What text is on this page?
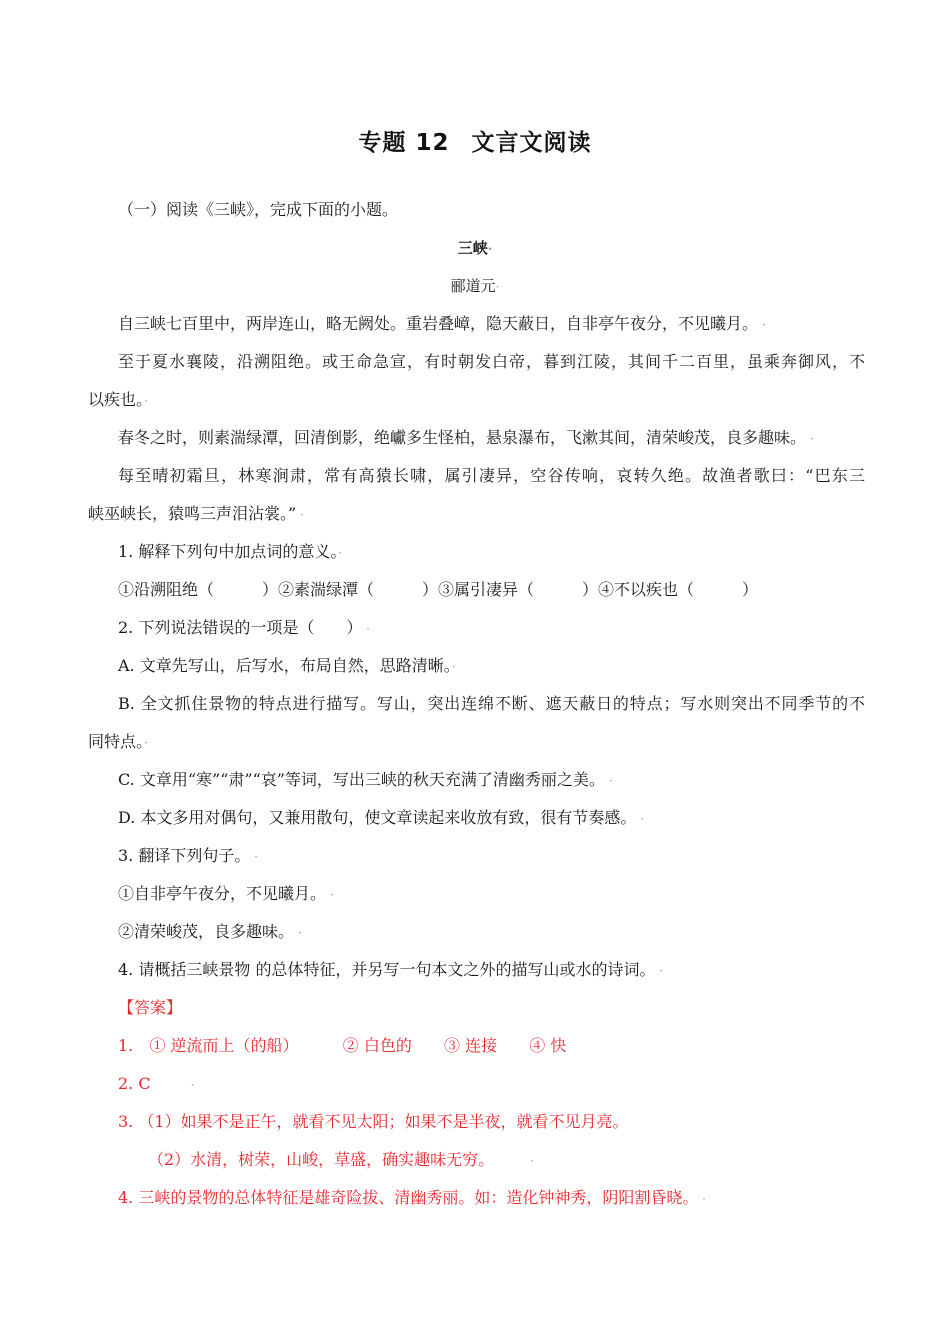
专题 12 文言文阅读
（一）阅读《三峡》，完成下面的小题。
三峡·
郦道元·
自三峡七百里中，两岸连山，略无阙处。重岩叠嶂，隐天蔽日，自非亭午夜分，不见曦月。 ·
至于夏水襄陵，沿溯阻绝。或王命急宣，有时朝发白帝，暮到江陵，其间千二百里，虽乘奔御风，不
以疾也。·
春冬之时，则素湍绿潭，回清倒影，绝巘多生怪柏，悬泉瀑布，飞漱其间，清荣峻茂，良多趣味。 ·
每至晴初霜旦，林寒涧肃，常有高猿长啸，属引凄异，空谷传响，哀转久绝。故渔者歌曰：“巴东三
峡巫峡长，猿鸣三声泪沾裳。” ·
1. 解释下列句中加点词的意义。·
①沿溯阻绝（　　　）②素湍绿潭（　　　）③属引凄异（　　　）④不以疾也（　　　）
2. 下列说法错误的一项是（　　） ·
A. 文章先写山，后写水，布局自然，思路清晰。·
B. 全文抓住景物的特点进行描写。写山，突出连绵不断、遮天蔽日的特点；写水则突出不同季节的不
同特点。·
C. 文章用“寒”“肃”“哀”等词，写出三峡的秋天充满了清幽秀丽之美。 ·
D. 本文多用对偶句，又兼用散句，使文章读起来收放有致，很有节奏感。 ·
3. 翻译下列句子。 ·
①自非亭午夜分，不见曦月。 ·
②清荣峻茂，良多趣味。 ·
4. 请概括三峡景物 的总体特征，并另写一句本文之外的描写山或水的诗词。 ·
【答案】
1. ① 逆流而上（的船）	② 白色的 ③ 连接 ④ 快
2. C	·
3. （1）如果不是正午，就看不见太阳；如果不是半夜，就看不见月亮。
（2）水清，树荣，山峻，草盛，确实趣味无穷。	·
4. 三峡的景物的总体特征是雄奇险拔、清幽秀丽。如：造化钟神秀，阴阳割昏晓。 ·
